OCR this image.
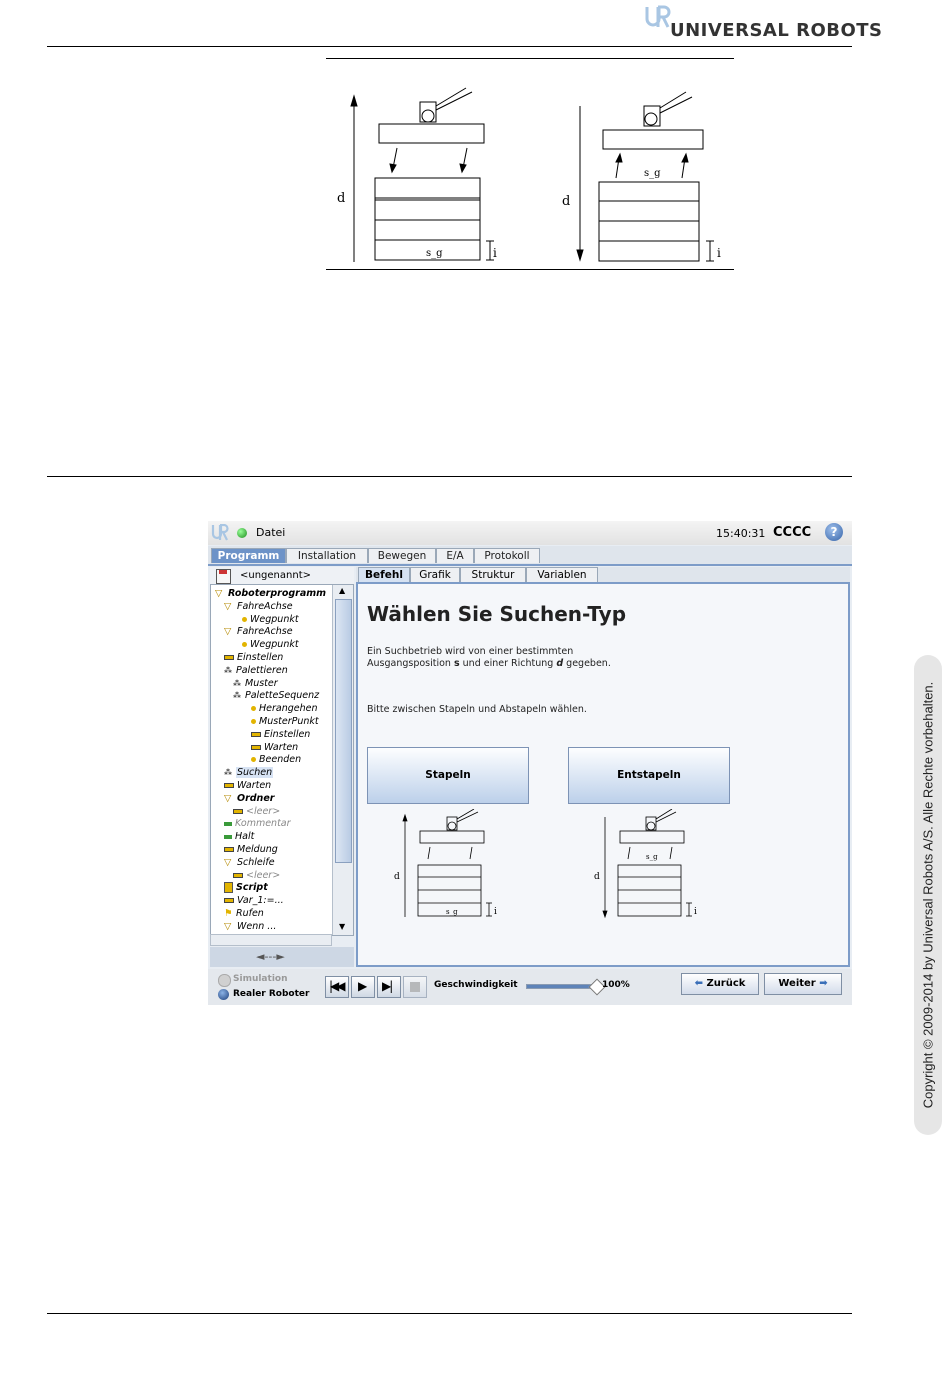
UNIVERSAL ROBOTS
d
i
s_g
d
i
s_g
Datei	15:40:31 CCCC	?
Programm	Installation	Bewegen	E/A	Protokoll
<ungenannt>
▽ Roboterprogramm
▽ FahreAchse
Wegpunkt
▽ FahreAchse
Wegpunkt
Einstellen
⁂ Palettieren
⁂ Muster
⁂ PaletteSequenz
Herangehen
MusterPunkt
Einstellen
Warten
Beenden
⁂ Suchen
Warten
▽ Ordner
<leer>
Kommentar
Halt
Meldung
▽ Schleife
<leer>
Script
Var_1:=...
⚑ Rufen
▽ Wenn ...
▲
▼
◄---►
Befehl	Grafik	Struktur	Variablen
Wählen Sie Suchen-Typ
Ein Suchbetrieb wird von einer bestimmten
Ausgangsposition s und einer Richtung d gegeben.
Bitte zwischen Stapeln und Abstapeln wählen.
Stapeln	Entstapeln
d
i
s_g
d
i
s_g
Simulation
Realer Roboter
|◀◀ ▶ ▶|	Geschwindigkeit	100%	⬅ Zurück	Weiter ➡	Copyright © 2009-2014 by Universal Robots A/S. Alle Rechte vorbehalten.
